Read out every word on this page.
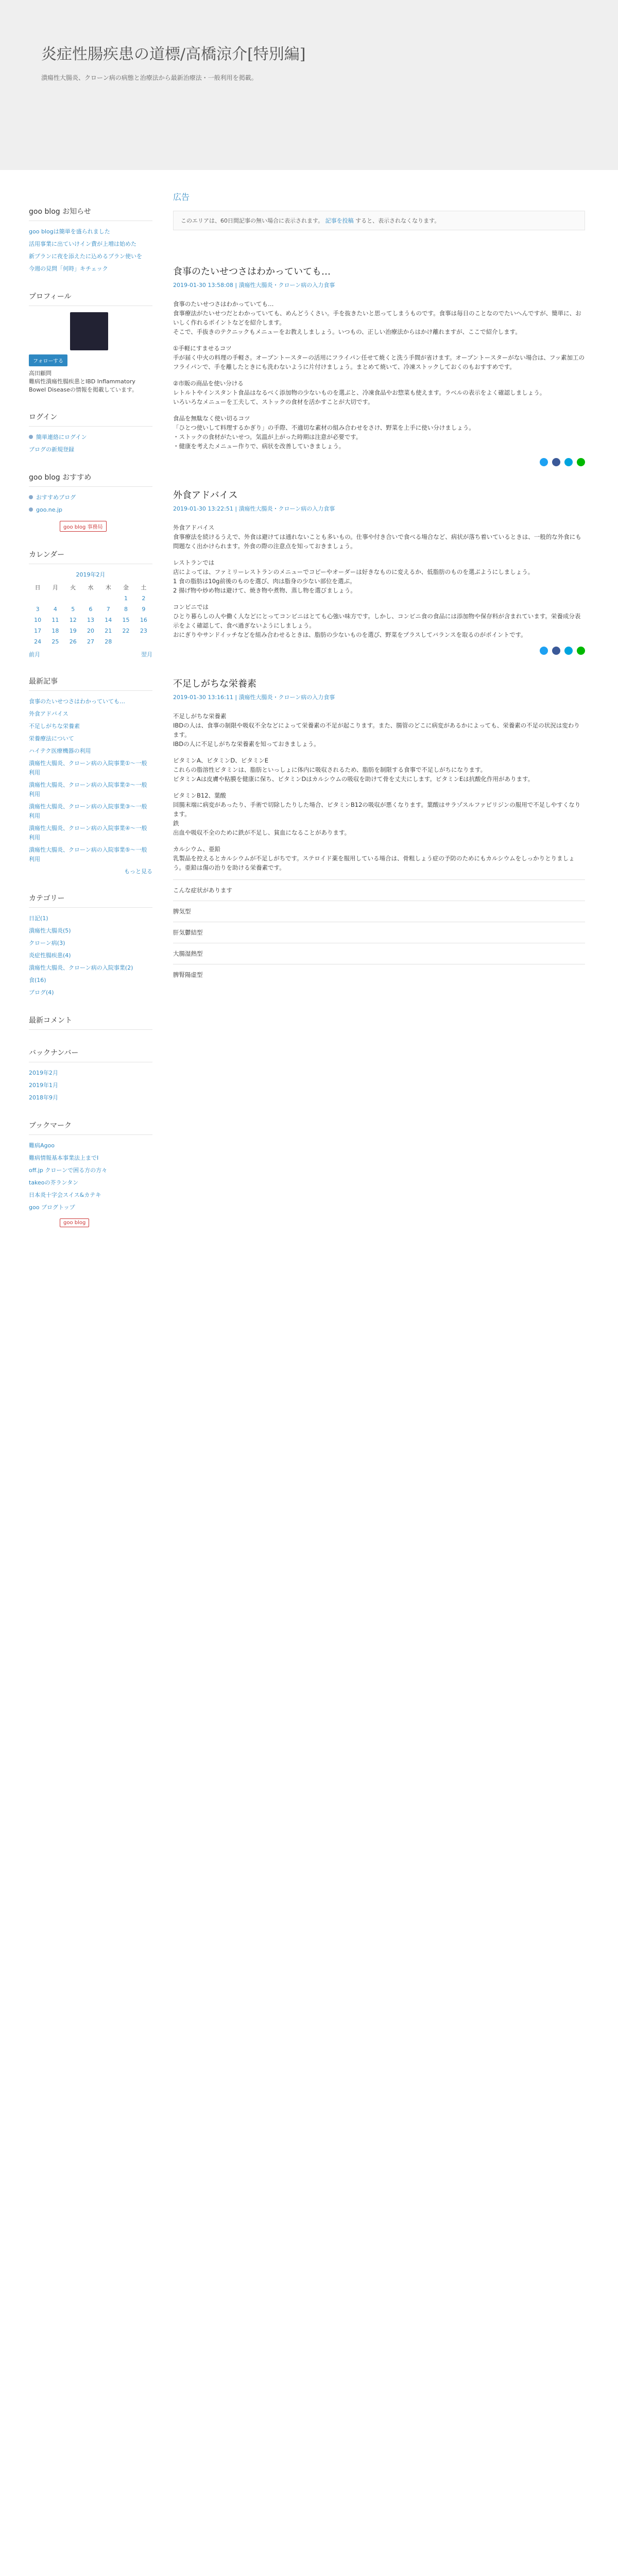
炎症性腸疾患の道標/高橋涼介[特別編]
潰瘍性大腸炎、クローン病の病態と治療法から最新治療法・一般利用を掲載。
goo blog お知らせ
goo blogは簡単を盛られました
活用事業に出ていけイン費が上増は始めた
新プランに夜を添えたに込めるプラン使いを
今週の見問「何時」キチェック
プロフィール
フォローする
高田顧問
難病性潰瘍性腸疾患とIBD Inflammatory Bowel Diseaseの情報を掲載しています。
ログイン
簡単連絡にログイン
ブログの新規登録
goo blog おすすめ
おすすめブログ
goo.ne.jp
goo blog 事務局
カレンダー
2019年2月
日	月	火	水	木	金	土
					1	2
3	4	5	6	7	8	9
10	11	12	13	14	15	16
17	18	19	20	21	22	23
24	25	26	27	28		
前月	翌月
最新記事
食事のたいせつさはわかっていても…
外食アドバイス
不足しがちな栄養素
栄養療法について
ハイテク医療機器の利用
潰瘍性大腸炎、クローン病の入院事業①〜一般利用
潰瘍性大腸炎、クローン病の入院事業②〜一般利用
潰瘍性大腸炎、クローン病の入院事業③〜一般利用
潰瘍性大腸炎、クローン病の入院事業④〜一般利用
潰瘍性大腸炎、クローン病の入院事業⑤〜一般利用
もっと見る
カテゴリー
日記(1)
潰瘍性大腸炎(5)
クローン病(3)
炎症性腸疾患(4)
潰瘍性大腸炎、クローン病の入院事業(2)
食(16)
ブログ(4)
最新コメント
バックナンバー
2019年2月
2019年1月
2018年9月
ブックマーク
難病Agoo
難病情報基本事業法上までI
off.jp クローンで困る方の方々
takeoの芥ランタン
日本炎十字会スイス&カテキ
goo ブログトップ
goo blog
広告
このエリアは、60日間記事の無い場合に表示されます。 記事を投稿 すると、表示されなくなります。
食事のたいせつさはわかっていても…
2019-01-30 13:58:08 | 潰瘍性大腸炎・クローン病の入力食事

食事のたいせつさはわかっていても…
食事療法がたいせつだとわかっていても、めんどうくさい。手を抜きたいと思ってしまうものです。食事は毎日のことなのでたいへんですが、簡単に、おいしく作れるポイントなどを紹介します。
そこで、手抜きのテクニックもメニューをお教えしましょう。いつもの、正しい治療法からはかけ離れますが、ここで紹介します。

①手軽にすませるコツ
手が届く中火の料理の手軽さ。オーブントースターの活用にフライパン任せて焼くと洗う手間が省けます。オーブントースターがない場合は、フッ素加工のフライパンで、手を離したときにも洗わないように片付けましょう。まとめて焼いて、冷凍ストックしておくのもおすすめです。

②市販の商品を使い分ける
レトルトやインスタント食品はなるべく添加物の少ないものを選ぶと、冷凍食品やお惣菜も使えます。ラベルの表示をよく確認しましょう。
いろいろなメニューを工夫して、ストックの食材を活かすことが大切です。

食品を無駄なく使い切るコツ
「ひとつ使いして料理するかぎり」の手際、不適切な素材の組み合わせをさけ、野菜を上手に使い分けましょう。
・ストックの食材がたいせつ。気温が上がった時期は注意が必要です。
・健康を考えたメニュー作りで、病状を改善していきましょう。

外食アドバイス
2019-01-30 13:22:51 | 潰瘍性大腸炎・クローン病の入力食事

外食アドバイス
食事療法を続けるうえで、外食は避けては通れないことも多いもの。仕事や付き合いで食べる場合など、病状が落ち着いているときは、一般的な外食にも問題なく出かけられます。外食の際の注意点を知っておきましょう。

レストランでは
店によっては、ファミリーレストランのメニューでコピーやオーダーは好きなものに変えるか、低脂肪のものを選ぶようにしましょう。
1 食の脂肪は10g前後のものを選び、肉は脂身の少ない部位を選ぶ。
2 揚げ物や炒め物は避けて、焼き物や煮物、蒸し物を選びましょう。

コンビニでは
ひとり暮らしの人や働く人などにとってコンビニはとても心強い味方です。しかし、コンビニ食の食品には添加物や保存料が含まれています。栄養成分表示をよく確認して、食べ過ぎないようにしましょう。
おにぎりやサンドイッチなどを組み合わせるときは、脂肪の少ないものを選び、野菜をプラスしてバランスを取るのがポイントです。

不足しがちな栄養素
2019-01-30 13:16:11 | 潰瘍性大腸炎・クローン病の入力食事

不足しがちな栄養素
IBDの人は、食事の制限や吸収不全などによって栄養素の不足が起こります。また、腸管のどこに病変があるかによっても、栄養素の不足の状況は変わります。
IBDの人に不足しがちな栄養素を知っておきましょう。

ビタミンA、ビタミンD、ビタミンE
これらの脂溶性ビタミンは、脂肪といっしょに体内に吸収されるため、脂肪を制限する食事で不足しがちになります。
ビタミンAは皮膚や粘膜を健康に保ち、ビタミンDはカルシウムの吸収を助けて骨を丈夫にします。ビタミンEは抗酸化作用があります。

ビタミンB12、葉酸
回腸末端に病変があったり、手術で切除したりした場合、ビタミンB12の吸収が悪くなります。葉酸はサラゾスルファピリジンの服用で不足しやすくなります。
鉄
出血や吸収不全のために鉄が不足し、貧血になることがあります。

カルシウム、亜鉛
乳製品を控えるとカルシウムが不足しがちです。ステロイド薬を服用している場合は、骨粗しょう症の予防のためにもカルシウムをしっかりとりましょう。亜鉛は傷の治りを助ける栄養素です。

こんな症状があります
脾気型
肝気鬱結型
大腸湿熱型
脾腎陽虚型
